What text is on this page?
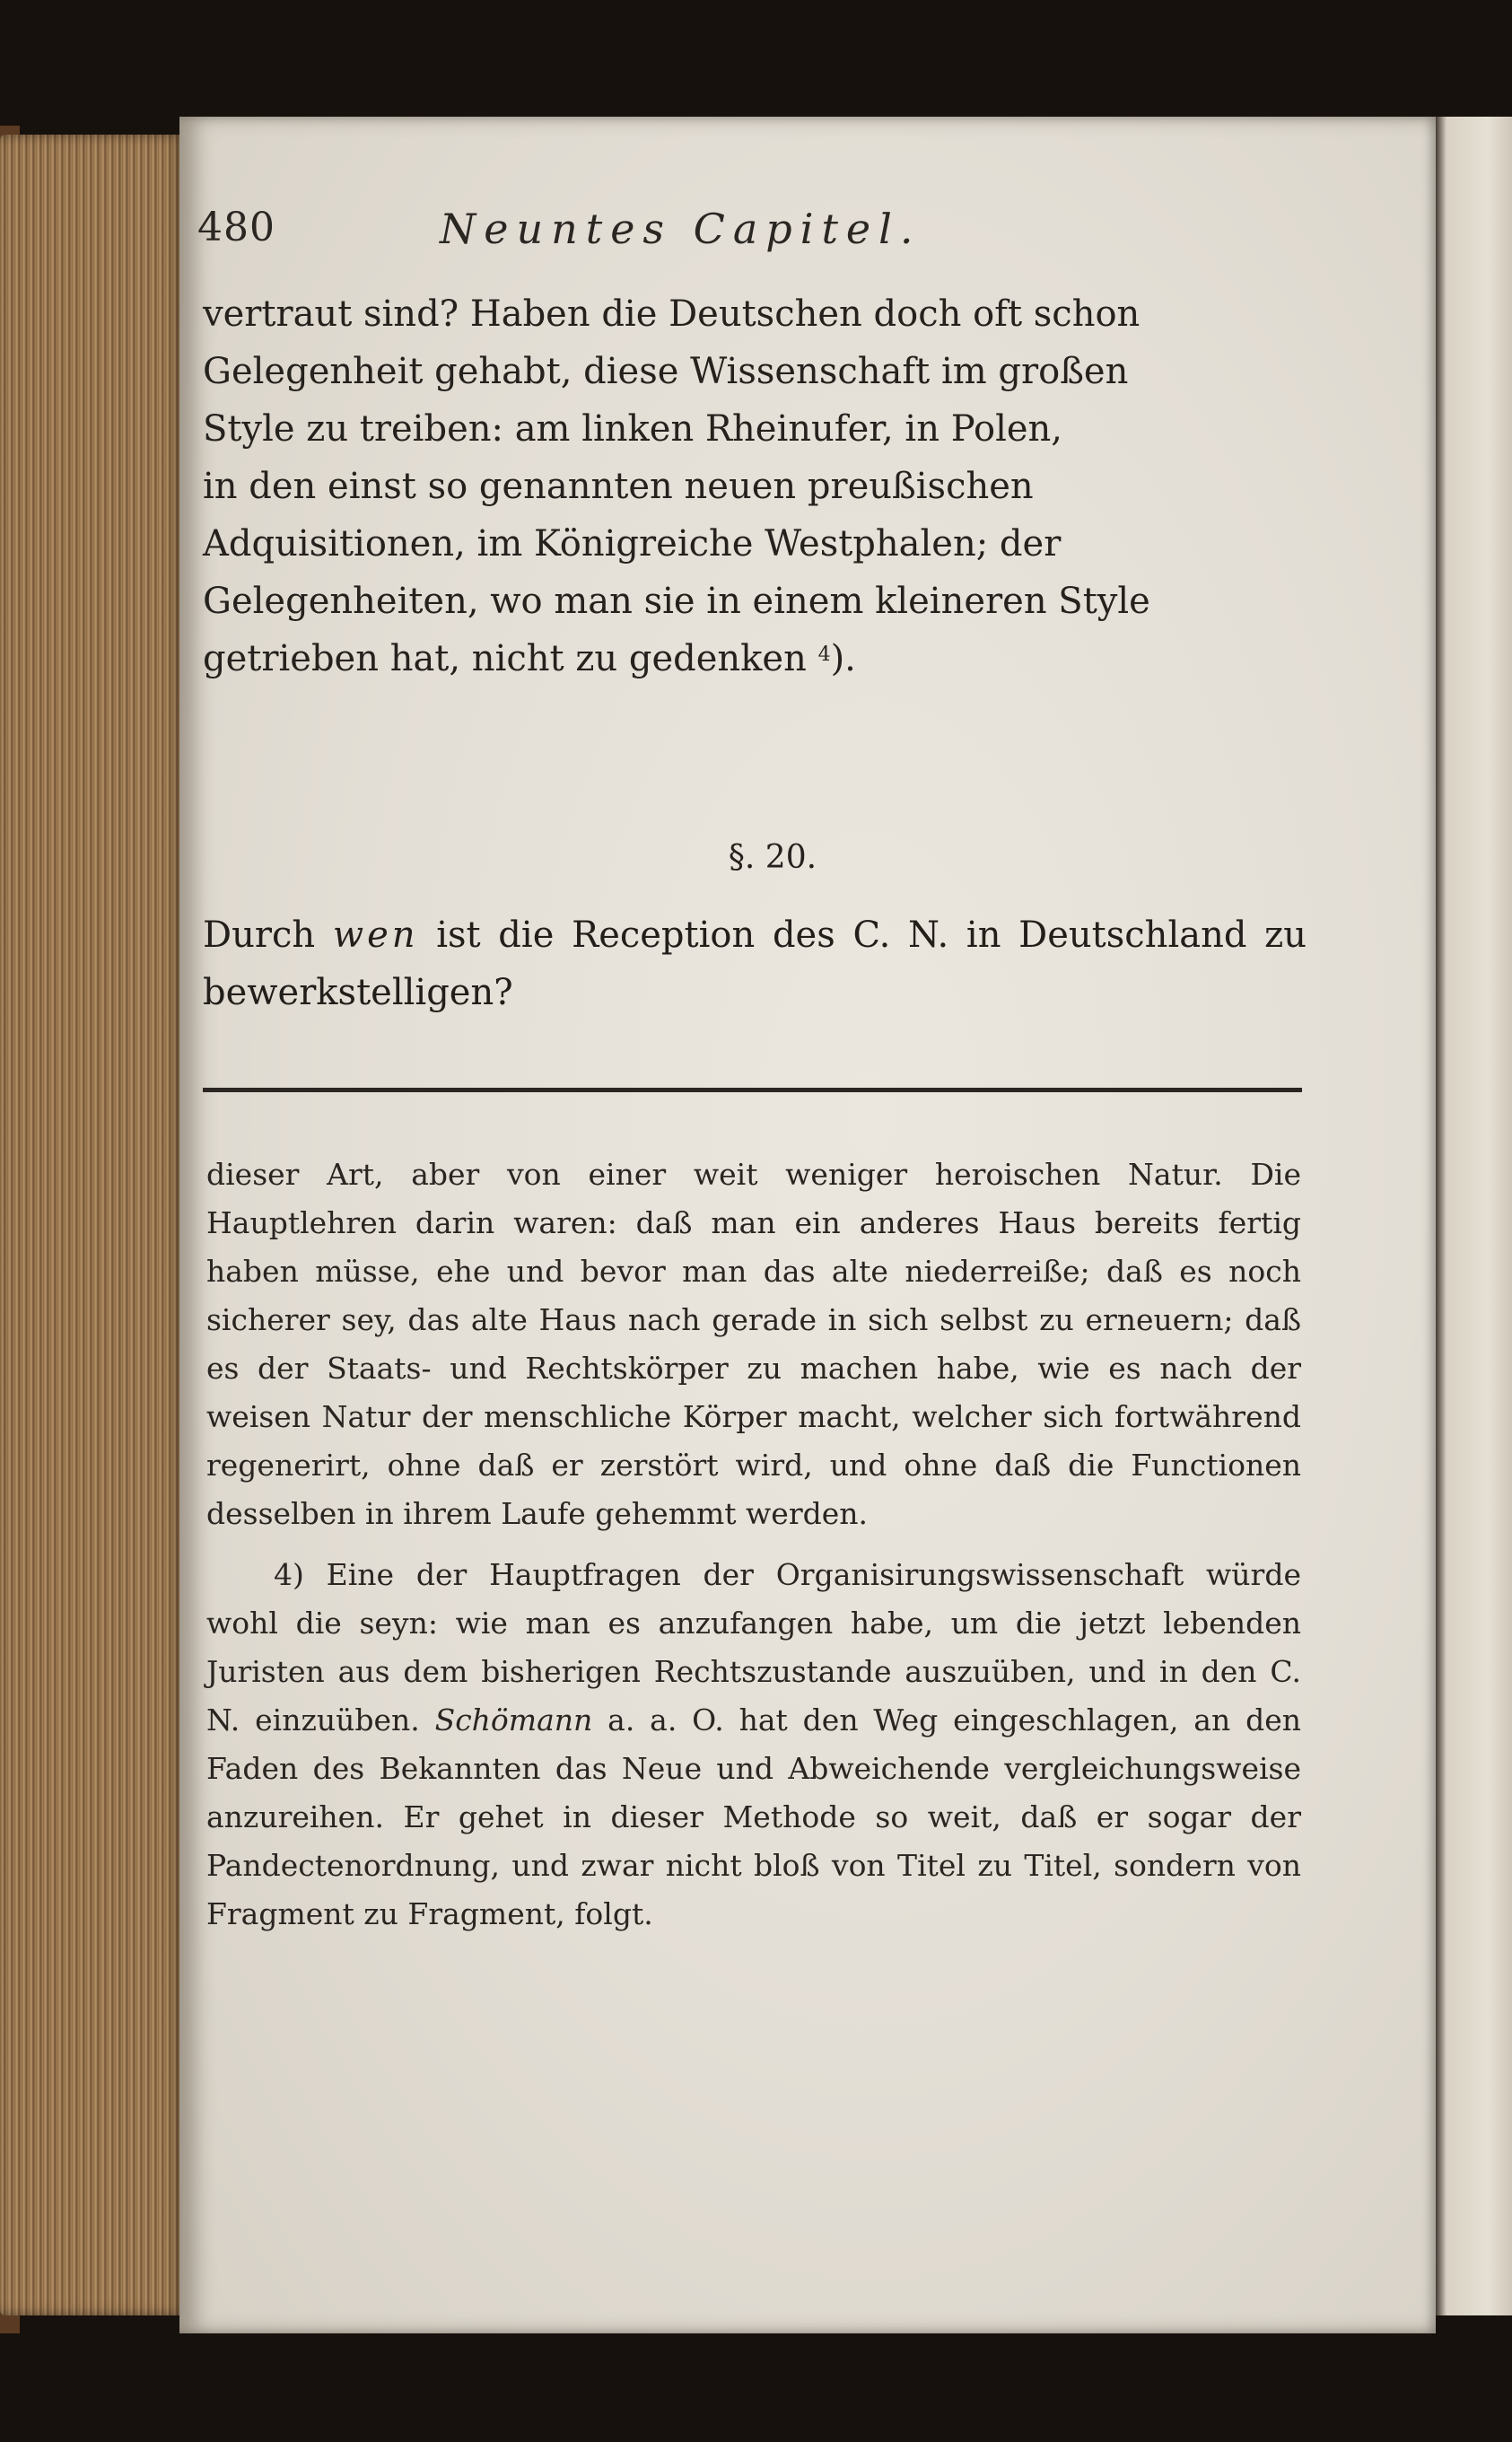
480	Neuntes Capitel.

vertraut sind? Haben die Deutschen doch oft schon

Gelegenheit gehabt, diese Wissenschaft im großen

Style zu treiben: am linken Rheinufer, in Polen,

in den einst so genannten neuen preußischen

Adquisitionen, im Königreiche Westphalen; der

Gelegenheiten, wo man sie in einem kleineren Style

getrieben hat, nicht zu gedenken $^4$).

§. 20.
Durch wen ist die Reception des C. N. in Deutschland zu bewerkstelligen?

dieser Art, aber von einer weit weniger heroischen Natur. Die Hauptlehren darin waren: daß man ein anderes Haus bereits fertig haben müsse, ehe und bevor man das alte niederreiße; daß es noch sicherer sey, das alte Haus nach gerade in sich selbst zu erneuern; daß es der Staats- und Rechtskörper zu machen habe, wie es nach der weisen Natur der menschliche Körper macht, welcher sich fortwährend regenerirt, ohne daß er zerstört wird, und ohne daß die Functionen desselben in ihrem Laufe gehemmt werden.

4) Eine der Hauptfragen der Organisirungswissenschaft würde wohl die seyn: wie man es anzufangen habe, um die jetzt lebenden Juristen aus dem bisherigen Rechtszustande auszuüben, und in den C. N. einzuüben. Schömann a. a. O. hat den Weg eingeschlagen, an den Faden des Bekannten das Neue und Abweichende vergleichungsweise anzureihen. Er gehet in dieser Methode so weit, daß er sogar der Pandectenordnung, und zwar nicht bloß von Titel zu Titel, sondern von Fragment zu Fragment, folgt.
